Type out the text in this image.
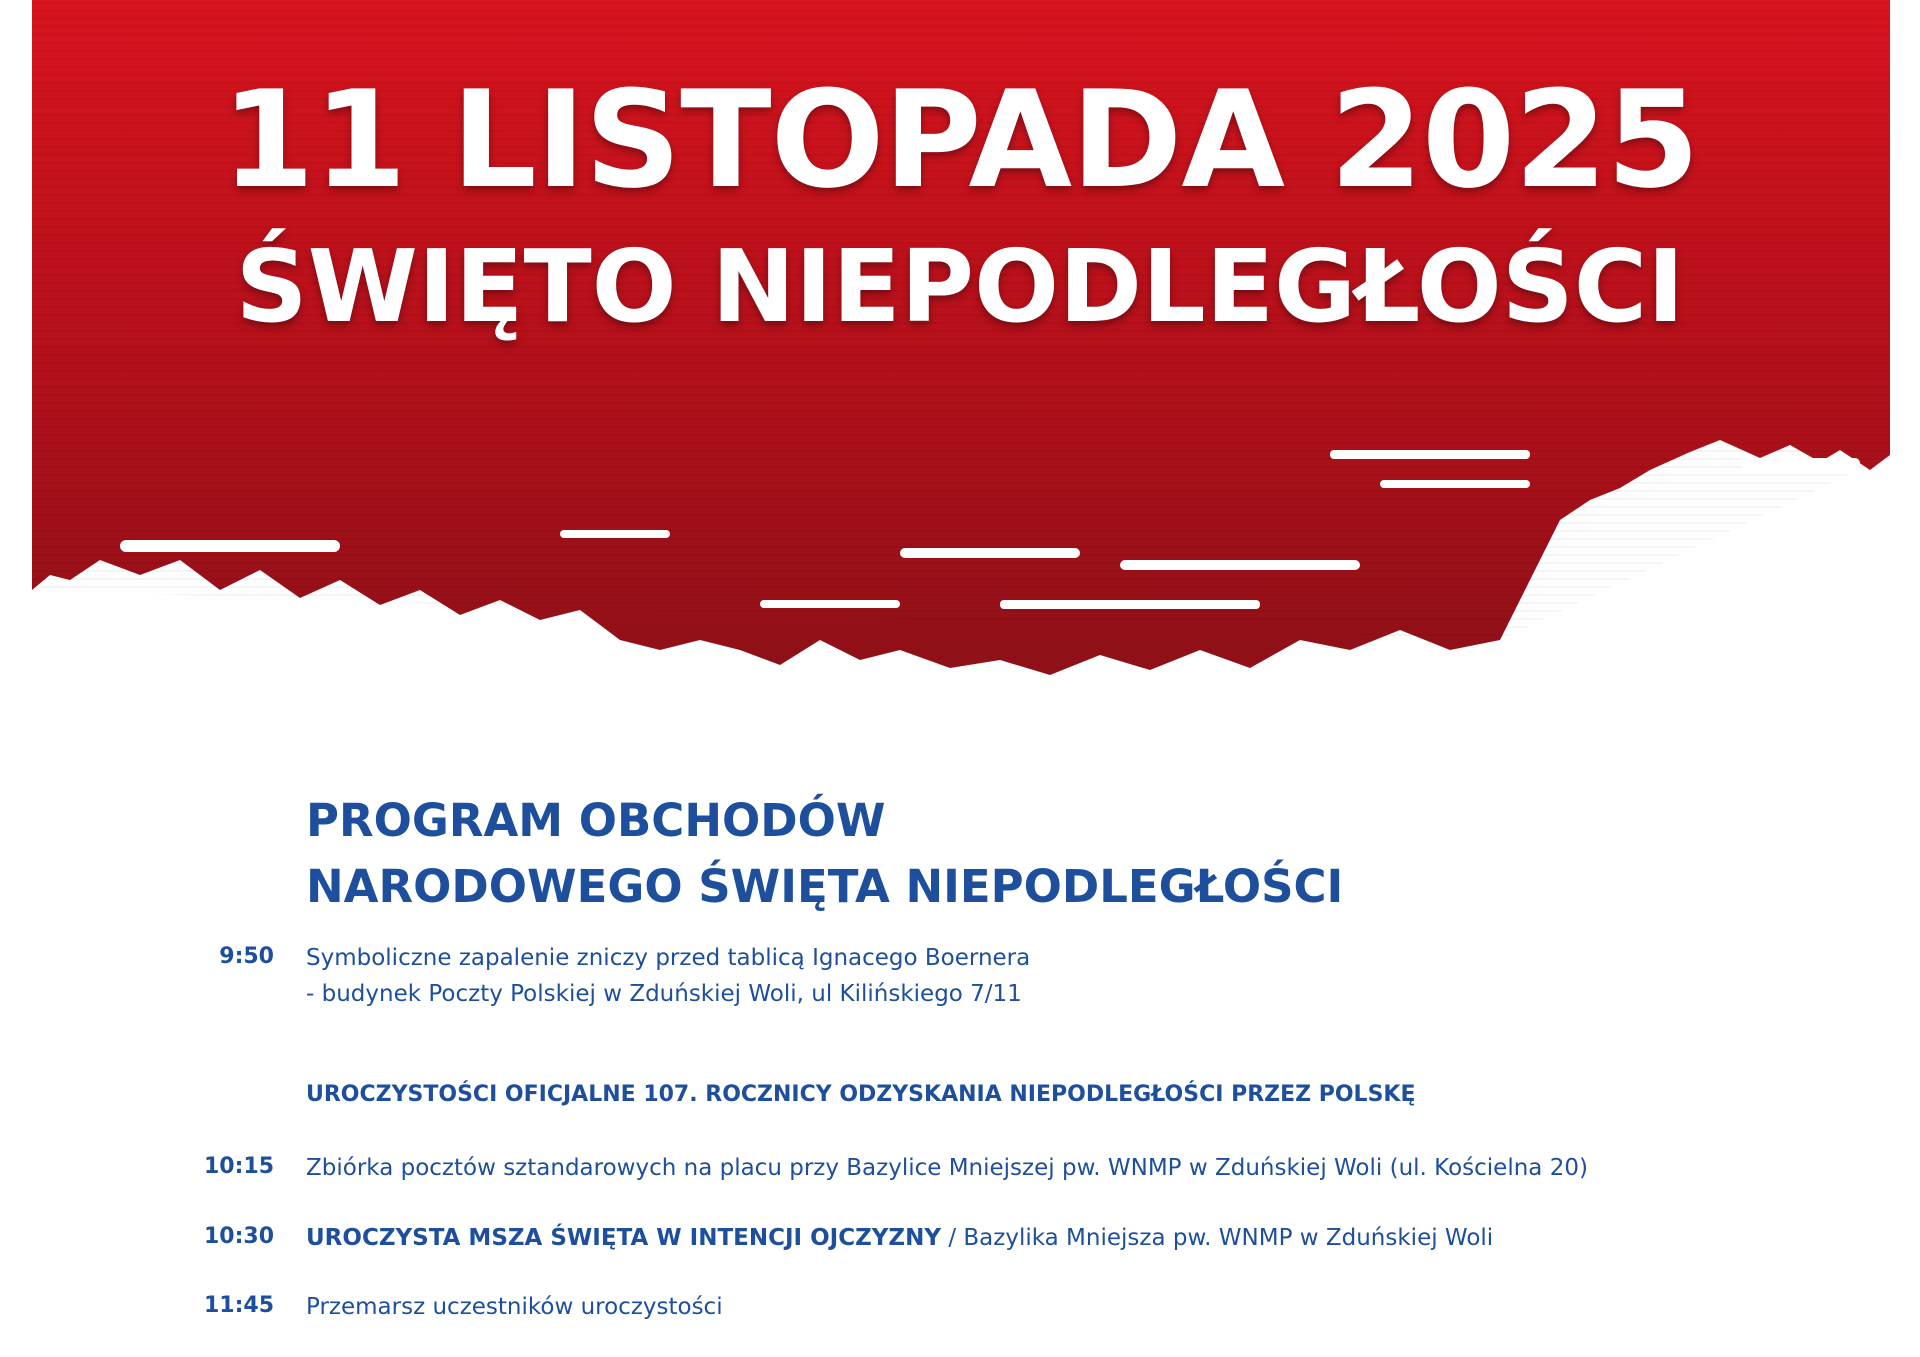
11 LISTOPADA 2025
ŚWIĘTO NIEPODLEGŁOŚCI
PROGRAM OBCHODÓW
NARODOWEGO ŚWIĘTA NIEPODLEGŁOŚCI
9:50 Symboliczne zapalenie zniczy przed tablicą Ignacego Boernera
- budynek Poczty Polskiej w Zduńskiej Woli, ul Kilińskiego 7/11
UROCZYSTOŚCI OFICJALNE 107. ROCZNICY ODZYSKANIA NIEPODLEGŁOŚCI PRZEZ POLSKĘ
10:15 Zbiórka pocztów sztandarowych na placu przy Bazylice Mniejszej pw. WNMP w Zduńskiej Woli (ul. Kościelna 20)
10:30 UROCZYSTA MSZA ŚWIĘTA W INTENCJI OJCZYZNY / Bazylika Mniejsza pw. WNMP w Zduńskiej Woli
11:45 Przemarsz uczestników uroczystości
